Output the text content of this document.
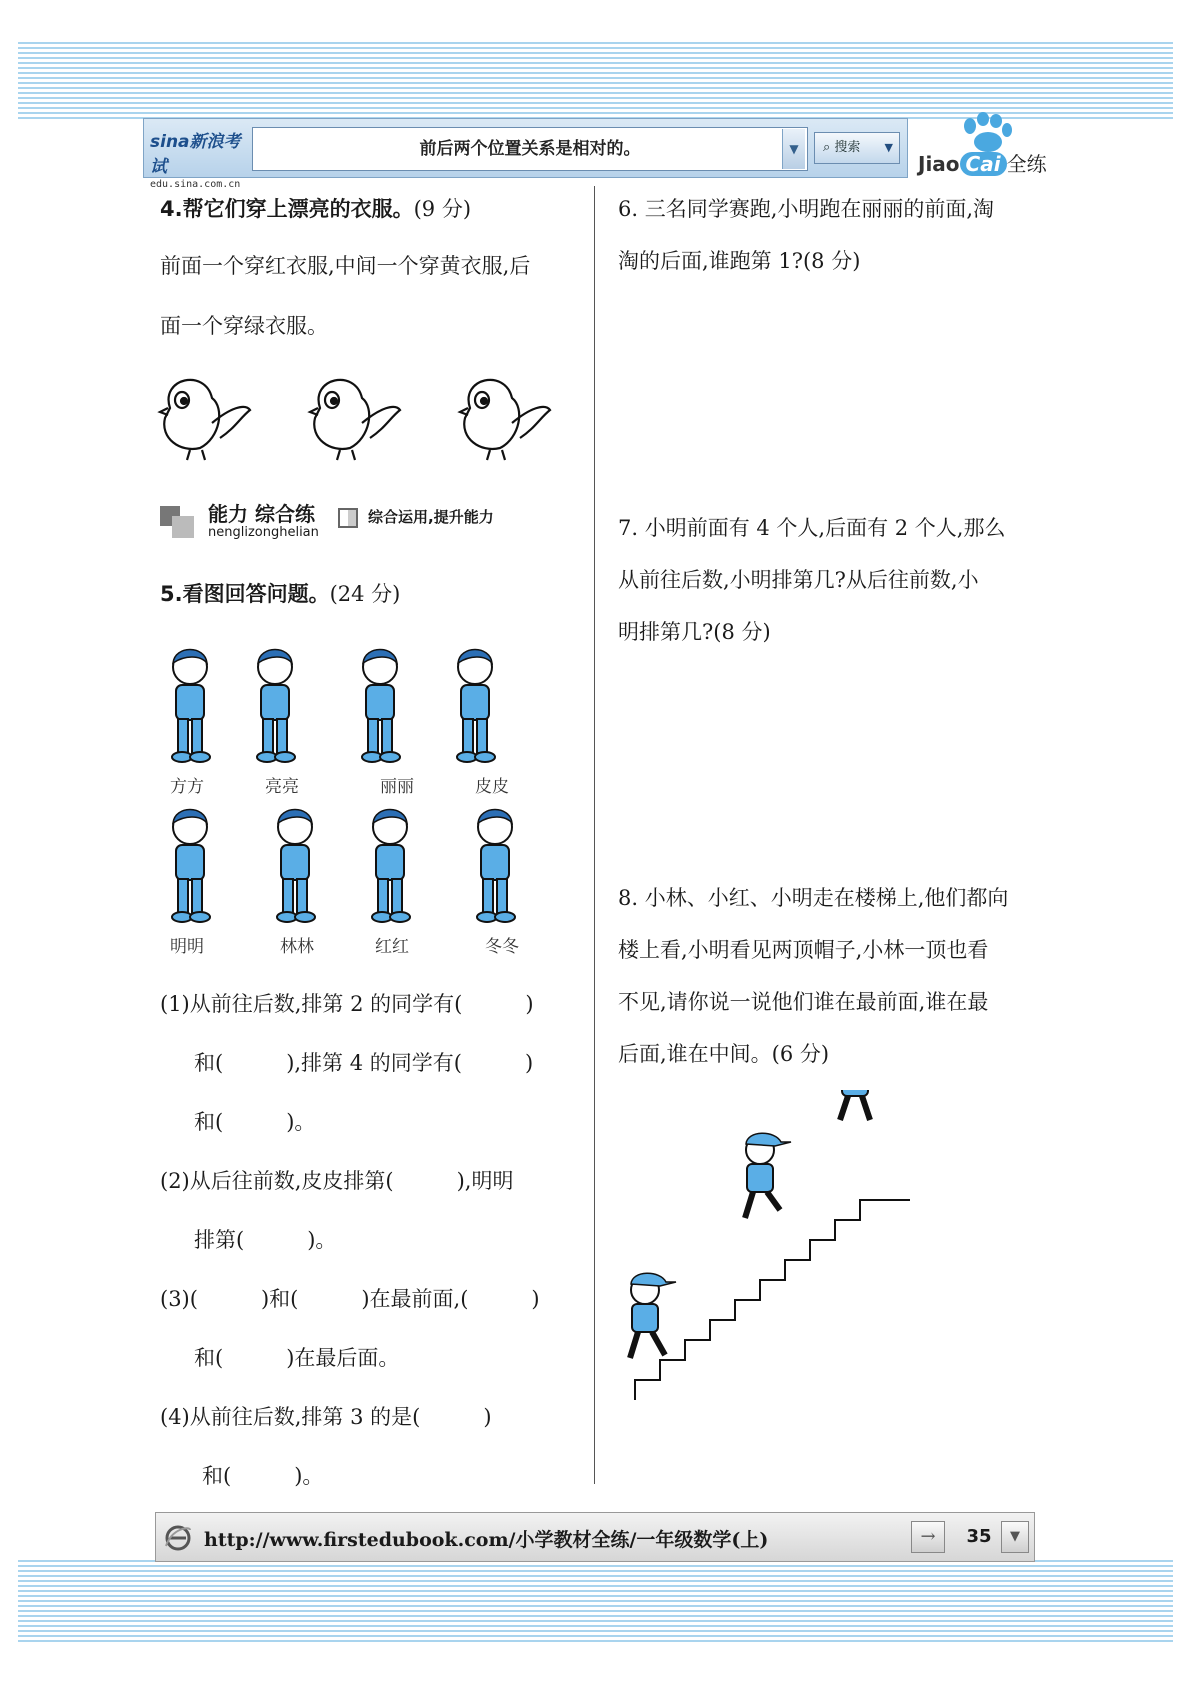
sina新浪考试
edu.sina.com.cn
前后两个位置关系是相对的。	▼	⌕ 搜索 ▼
Jiao Cai 全练
4.帮它们穿上漂亮的衣服。(9 分)
前面一个穿红衣服,中间一个穿黄衣服,后
面一个穿绿衣服。
能力 综合练
nenglizonghelian
综合运用,提升能力
5.看图回答问题。(24 分)
方方	亮亮	丽丽	皮皮
明明	林林	红红	冬冬
(1)从前往后数,排第 2 的同学有(　　　)
和(　　　),排第 4 的同学有(　　　)
和(　　　)。
(2)从后往前数,皮皮排第(　　　),明明
排第(　　　)。
(3)(　　　)和(　　　)在最前面,(　　　)
和(　　　)在最后面。
(4)从前往后数,排第 3 的是(　　　)
和(　　　)。
6. 三名同学赛跑,小明跑在丽丽的前面,淘
淘的后面,谁跑第 1?(8 分)
7. 小明前面有 4 个人,后面有 2 个人,那么
从前往后数,小明排第几?从后往前数,小
明排第几?(8 分)
8. 小林、小红、小明走在楼梯上,他们都向
楼上看,小明看见两顶帽子,小林一顶也看
不见,请你说一说他们谁在最前面,谁在最
后面,谁在中间。(6 分)
http://www.firstedubook.com/小学教材全练/一年级数学(上)	→	35	▼
